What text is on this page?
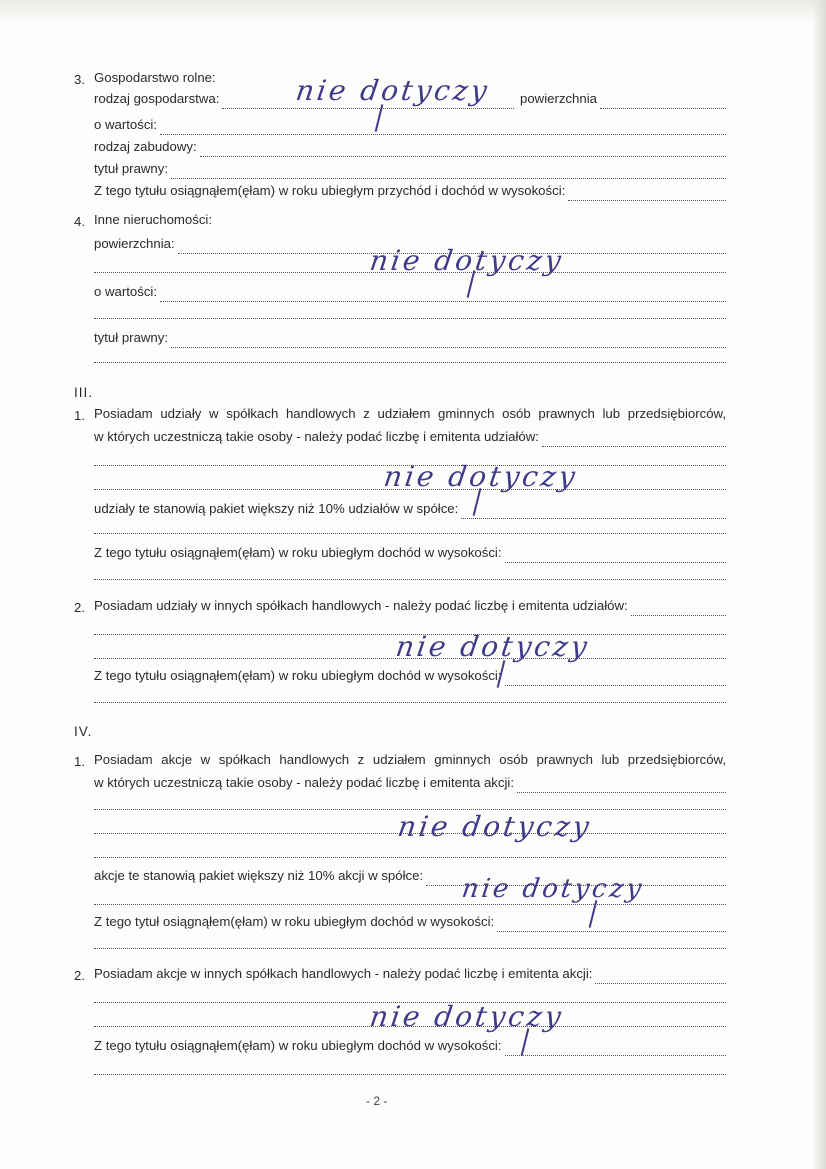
3. Gospodarstwo rolne:
rodzaj gospodarstwa:	powierzchnia
o wartości:
rodzaj zabudowy:
tytuł prawny:
Z tego tytułu osiągnąłem(ęłam) w roku ubiegłym przychód i dochód w wysokości:
nie dotyczy
4. Inne nieruchomości:
powierzchnia:
o wartości:
tytuł prawny:
nie dotyczy
III.
1. Posiadam udziały w spółkach handlowych z udziałem gminnych osób prawnych lub przedsiębiorców,
w których uczestniczą takie osoby - należy podać liczbę i emitenta udziałów:
udziały te stanowią pakiet większy niż 10% udziałów w spółce:
Z tego tytułu osiągnąłem(ęłam) w roku ubiegłym dochód w wysokości:
nie dotyczy
2. Posiadam udziały w innych spółkach handlowych - należy podać liczbę i emitenta udziałów:
Z tego tytułu osiągnąłem(ęłam) w roku ubiegłym dochód w wysokości:
nie dotyczy
IV.
1. Posiadam akcje w spółkach handlowych z udziałem gminnych osób prawnych lub przedsiębiorców,
w których uczestniczą takie osoby - należy podać liczbę i emitenta akcji:
akcje te stanowią pakiet większy niż 10% akcji w spółce:
Z tego tytuł osiągnąłem(ęłam) w roku ubiegłym dochód w wysokości:
nie dotyczy
nie dotyczy
2. Posiadam akcje w innych spółkach handlowych - należy podać liczbę i emitenta akcji:
Z tego tytułu osiągnąłem(ęłam) w roku ubiegłym dochód w wysokości:
nie dotyczy
- 2 -
